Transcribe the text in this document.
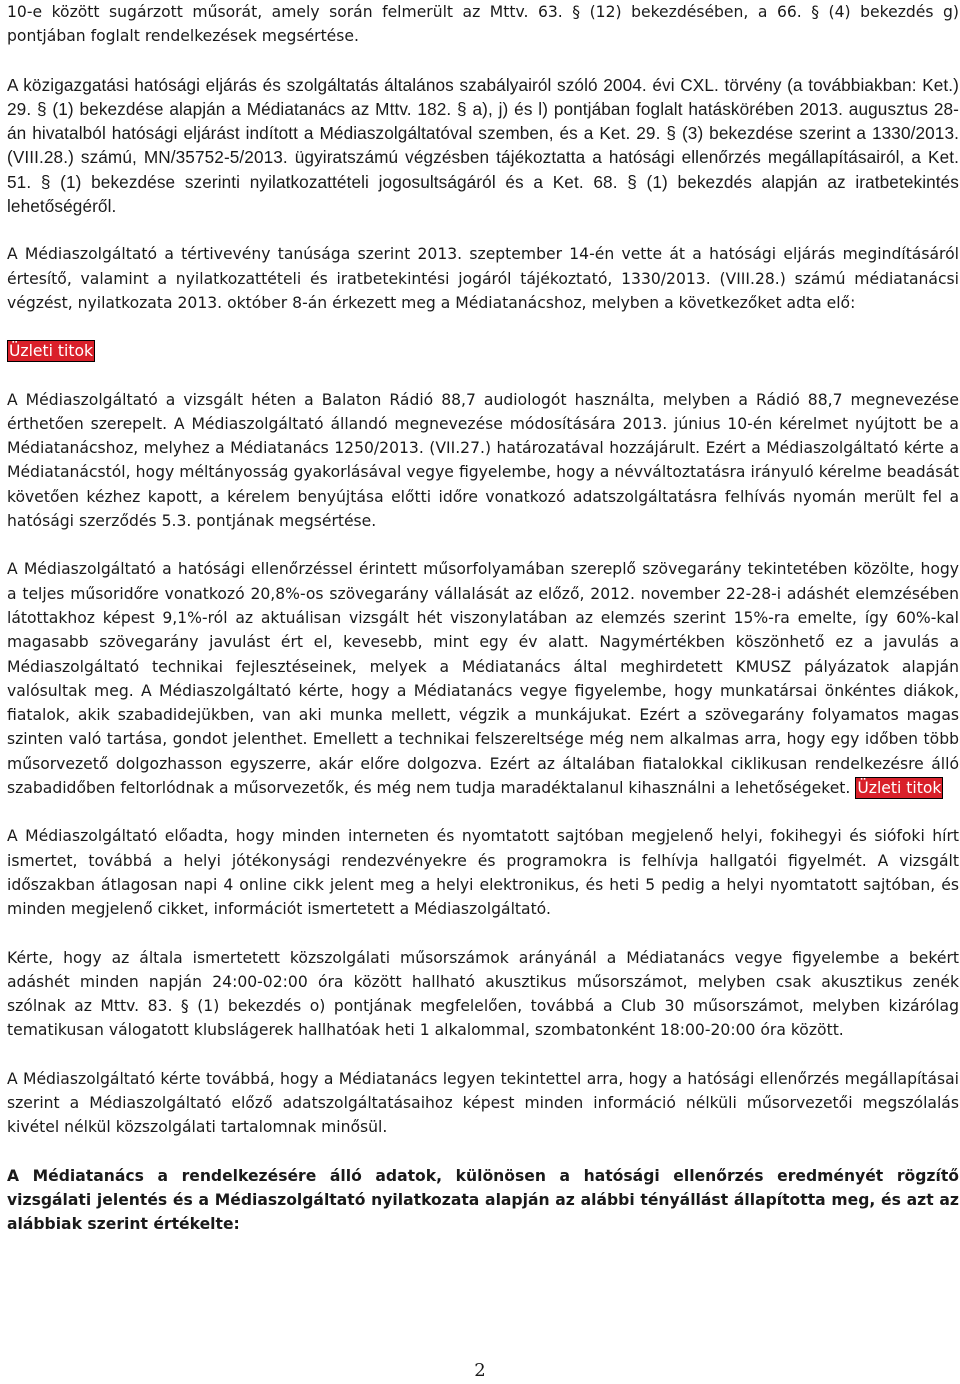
10-e között sugárzott műsorát, amely során felmerült az Mttv. 63. § (12) bekezdésében, a 66. § (4) bekezdés g) pontjában foglalt rendelkezések megsértése.

A közigazgatási hatósági eljárás és szolgáltatás általános szabályairól szóló 2004. évi CXL. törvény (a továbbiakban: Ket.) 29. § (1) bekezdése alapján a Médiatanács az Mttv. 182. § a), j) és l) pontjában foglalt hatáskörében 2013. augusztus 28-án hivatalból hatósági eljárást indított a Médiaszolgáltatóval szemben, és a Ket. 29. § (3) bekezdése szerint a 1330/2013. (VIII.28.) számú, MN/35752-5/2013. ügyiratszámú végzésben tájékoztatta a hatósági ellenőrzés megállapításairól, a Ket. 51. § (1) bekezdése szerinti nyilatkozattételi jogosultságáról és a Ket. 68. § (1) bekezdés alapján az iratbetekintés lehetőségéről.

A Médiaszolgáltató a tértivevény tanúsága szerint 2013. szeptember 14-én vette át a hatósági eljárás megindításáról értesítő, valamint a nyilatkozattételi és iratbetekintési jogáról tájékoztató, 1330/2013. (VIII.28.) számú médiatanácsi végzést, nyilatkozata 2013. október 8-án érkezett meg a Médiatanácshoz, melyben a következőket adta elő:

Üzleti titok

A Médiaszolgáltató a vizsgált héten a Balaton Rádió 88,7 audiologót használta, melyben a Rádió 88,7 megnevezése érthetően szerepelt. A Médiaszolgáltató állandó megnevezése módosítására 2013. június 10-én kérelmet nyújtott be a Médiatanácshoz, melyhez a Médiatanács 1250/2013. (VII.27.) határozatával hozzájárult. Ezért a Médiaszolgáltató kérte a Médiatanácstól, hogy méltányosság gyakorlásával vegye figyelembe, hogy a névváltoztatásra irányuló kérelme beadását követően kézhez kapott, a kérelem benyújtása előtti időre vonatkozó adatszolgáltatásra felhívás nyomán merült fel a hatósági szerződés 5.3. pontjának megsértése.

A Médiaszolgáltató a hatósági ellenőrzéssel érintett műsorfolyamában szereplő szövegarány tekintetében közölte, hogy a teljes műsoridőre vonatkozó 20,8%-os szövegarány vállalását az előző, 2012. november 22-28-i adáshét elemzésében látottakhoz képest 9,1%-ról az aktuálisan vizsgált hét viszonylatában az elemzés szerint 15%-ra emelte, így 60%-kal magasabb szövegarány javulást ért el, kevesebb, mint egy év alatt. Nagymértékben köszönhető ez a javulás a Médiaszolgáltató technikai fejlesztéseinek, melyek a Médiatanács által meghirdetett KMUSZ pályázatok alapján valósultak meg. A Médiaszolgáltató kérte, hogy a Médiatanács vegye figyelembe, hogy munkatársai önkéntes diákok, fiatalok, akik szabadidejükben, van aki munka mellett, végzik a munkájukat. Ezért a szövegarány folyamatos magas szinten való tartása, gondot jelenthet. Emellett a technikai felszereltsége még nem alkalmas arra, hogy egy időben több műsorvezető dolgozhasson egyszerre, akár előre dolgozva. Ezért az általában fiatalokkal ciklikusan rendelkezésre álló szabadidőben feltorlódnak a műsorvezetők, és még nem tudja maradéktalanul kihasználni a lehetőségeket. Üzleti titok

A Médiaszolgáltató előadta, hogy minden interneten és nyomtatott sajtóban megjelenő helyi, fokihegyi és siófoki hírt ismertet, továbbá a helyi jótékonysági rendezvényekre és programokra is felhívja hallgatói figyelmét. A vizsgált időszakban átlagosan napi 4 online cikk jelent meg a helyi elektronikus, és heti 5 pedig a helyi nyomtatott sajtóban, és minden megjelenő cikket, információt ismertetett a Médiaszolgáltató.

Kérte, hogy az általa ismertetett közszolgálati műsorszámok arányánál a Médiatanács vegye figyelembe a bekért adáshét minden napján 24:00-02:00 óra között hallható akusztikus műsorszámot, melyben csak akusztikus zenék szólnak az Mttv. 83. § (1) bekezdés o) pontjának megfelelően, továbbá a Club 30 műsorszámot, melyben kizárólag tematikusan válogatott klubslágerek hallhatóak heti 1 alkalommal, szombatonként 18:00-20:00 óra között.

A Médiaszolgáltató kérte továbbá, hogy a Médiatanács legyen tekintettel arra, hogy a hatósági ellenőrzés megállapításai szerint a Médiaszolgáltató előző adatszolgáltatásaihoz képest minden információ nélküli műsorvezetői megszólalás kivétel nélkül közszolgálati tartalomnak minősül.

A Médiatanács a rendelkezésére álló adatok, különösen a hatósági ellenőrzés eredményét rögzítő vizsgálati jelentés és a Médiaszolgáltató nyilatkozata alapján az alábbi tényállást állapította meg, és azt az alábbiak szerint értékelte:

2
